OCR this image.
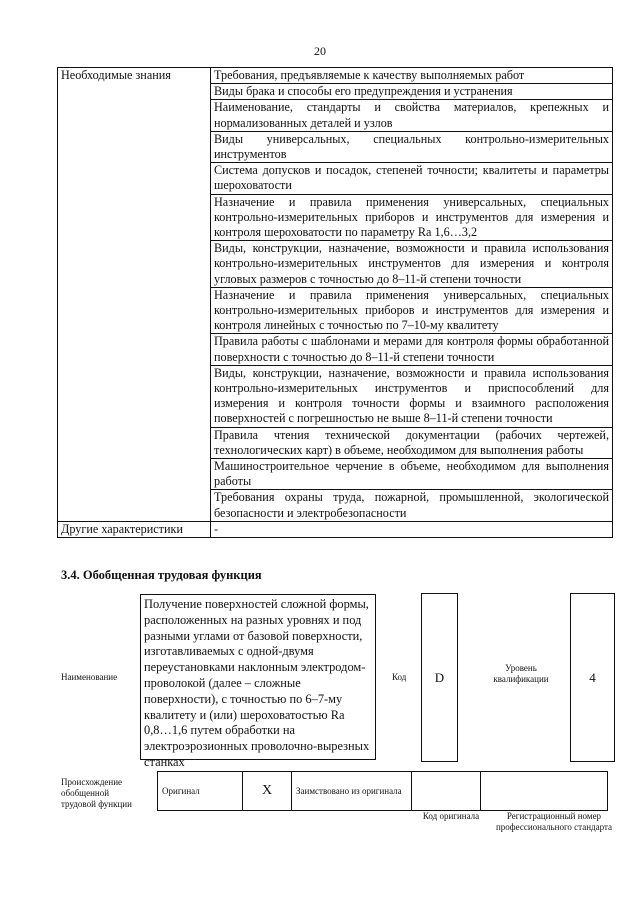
20
Необходимые знания	Требования, предъявляемые к качеству выполняемых работ
	Виды брака и способы его предупреждения и устранения
	Наименование, стандарты и свойства материалов, крепежных и нормализованных деталей и узлов
	Виды универсальных, специальных контрольно-измерительных инструментов
	Система допусков и посадок, степеней точности; квалитеты и параметры шероховатости
	Назначение и правила применения универсальных, специальных контрольно-измерительных приборов и инструментов для измерения и контроля шероховатости по параметру Ra 1,6…3,2
	Виды, конструкции, назначение, возможности и правила использования контрольно-измерительных инструментов для измерения и контроля угловых размеров с точностью до 8–11-й степени точности
	Назначение и правила применения универсальных, специальных контрольно-измерительных приборов и инструментов для измерения и контроля линейных с точностью по 7–10-му квалитету
	Правила работы с шаблонами и мерами для контроля формы обработанной поверхности с точностью до 8–11-й степени точности
	Виды, конструкции, назначение, возможности и правила использования контрольно-измерительных инструментов и приспособлений для измерения и контроля точности формы и взаимного расположения поверхностей с погрешностью не выше 8–11-й степени точности
	Правила чтения технической документации (рабочих чертежей, технологических карт) в объеме, необходимом для выполнения работы
	Машиностроительное черчение в объеме, необходимом для выполнения работы
	Требования охраны труда, пожарной, промышленной, экологической безопасности и электробезопасности
Другие характеристики	-
3.4. Обобщенная трудовая функция
Наименование
Получение поверхностей сложной формы, расположенных на разных уровнях и под разными углами от базовой поверхности, изготавливаемых с одной-двумя переустановками наклонным электродом-проволокой (далее – сложные поверхности), с точностью по 6–7-му квалитету и (или) шероховатостью Ra 0,8…1,6 путем обработки на электроэрозионных проволочно-вырезных станках
Код	D
Уровень квалификации	4
Происхождение обобщенной трудовой функции
Оригинал	X	Заимствовано из оригинала		
Код оригинала	Регистрационный номер профессионального стандарта
